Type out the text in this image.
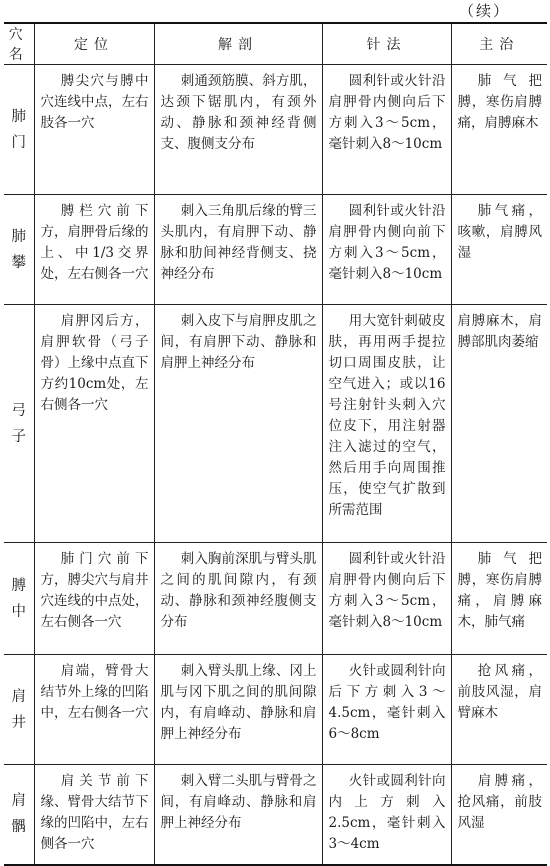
（续）
穴名	定位	解剖	针法	主治

肺
门	膊尖穴与膊中穴连线中点，左右肢各一穴	刺通颈筋膜、斜方肌，达颈下锯肌内，有颈外动、静脉和颈神经背侧支、腹侧支分布	圆利针或火针沿肩胛骨内侧向后下方刺入3～5cm，毫针刺入8～10cm	肺气把膊，寒伤肩膊痛，肩膊麻木

肺
攀	膊栏穴前下方，肩胛骨后缘的上、中1/3交界处，左右侧各一穴	刺入三角肌后缘的臂三头肌内，有肩胛下动、静脉和肋间神经背侧支、挠神经分布	圆利针或火针沿肩胛骨内侧向前下方刺入3～5cm，毫针刺入8～10cm	肺气痛，咳嗽，肩膊风湿

弓
子	肩胛冈后方，肩胛软骨（弓子骨）上缘中点直下方约10cm处，左右侧各一穴	刺入皮下与肩胛皮肌之间，有肩胛下动、静脉和肩胛上神经分布	用大宽针刺破皮肤，再用两手提拉切口周围皮肤，让空气进入；或以16号注射针头刺入穴位皮下，用注射器注入滤过的空气，然后用手向周围推压，使空气扩散到所需范围	肩膊麻木，肩膊部肌肉萎缩

膊
中	肺门穴前下方，膊尖穴与肩井穴连线的中点处，左右侧各一穴	刺入胸前深肌与臂头肌之间的肌间隙内，有颈动、静脉和颈神经腹侧支分布	圆利针或火针沿肩胛骨内侧向后下方刺入3～5cm，毫针刺入8～10cm	肺气把膊，寒伤肩膊痛，肩膊麻木，肺气痛

肩
井	肩端，臂骨大结节外上缘的凹陷中，左右侧各一穴	刺入臂头肌上缘、冈上肌与冈下肌之间的肌间隙内，有肩峰动、静脉和肩胛上神经分布	火针或圆利针向后下方刺入3～4.5cm，毫针刺入6～8cm	抢风痛，前肢风湿，肩臂麻木

肩
髃	肩关节前下缘、臂骨大结节下缘的凹陷中，左右侧各一穴	刺入臂二头肌与臂骨之间，有肩峰动、静脉和肩胛上神经分布	火针或圆利针向内上方刺入2.5cm，毫针刺入3～4cm	肩膊痛，抢风痛，前肢风湿
